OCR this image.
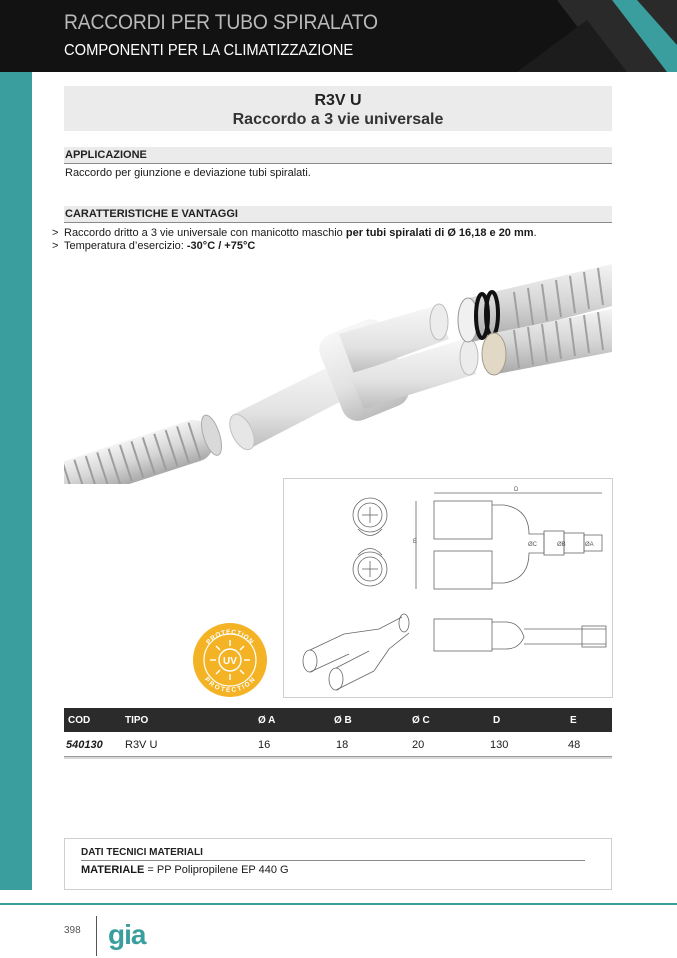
RACCORDI PER TUBO SPIRALATO
COMPONENTI PER LA CLIMATIZZAZIONE
R3V U
Raccordo a 3 vie universale
APPLICAZIONE
Raccordo per giunzione e deviazione tubi spiralati.
CARATTERISTICHE E VANTAGGI
> Raccordo dritto a 3 vie universale con manicotto maschio per tubi spiralati di Ø 16,18 e 20 mm.
> Temperatura d’esercizio: -30°C / +75°C
D
E	ØC	ØB	ØA
UV
PROTECTION
PROTECTION
COD	TIPO	Ø A	Ø B	Ø C	D	E
540130 R3V U	16	18	20	130	48
DATI TECNICI MATERIALI
MATERIALE = PP Polipropilene EP 440 G
398 gia
